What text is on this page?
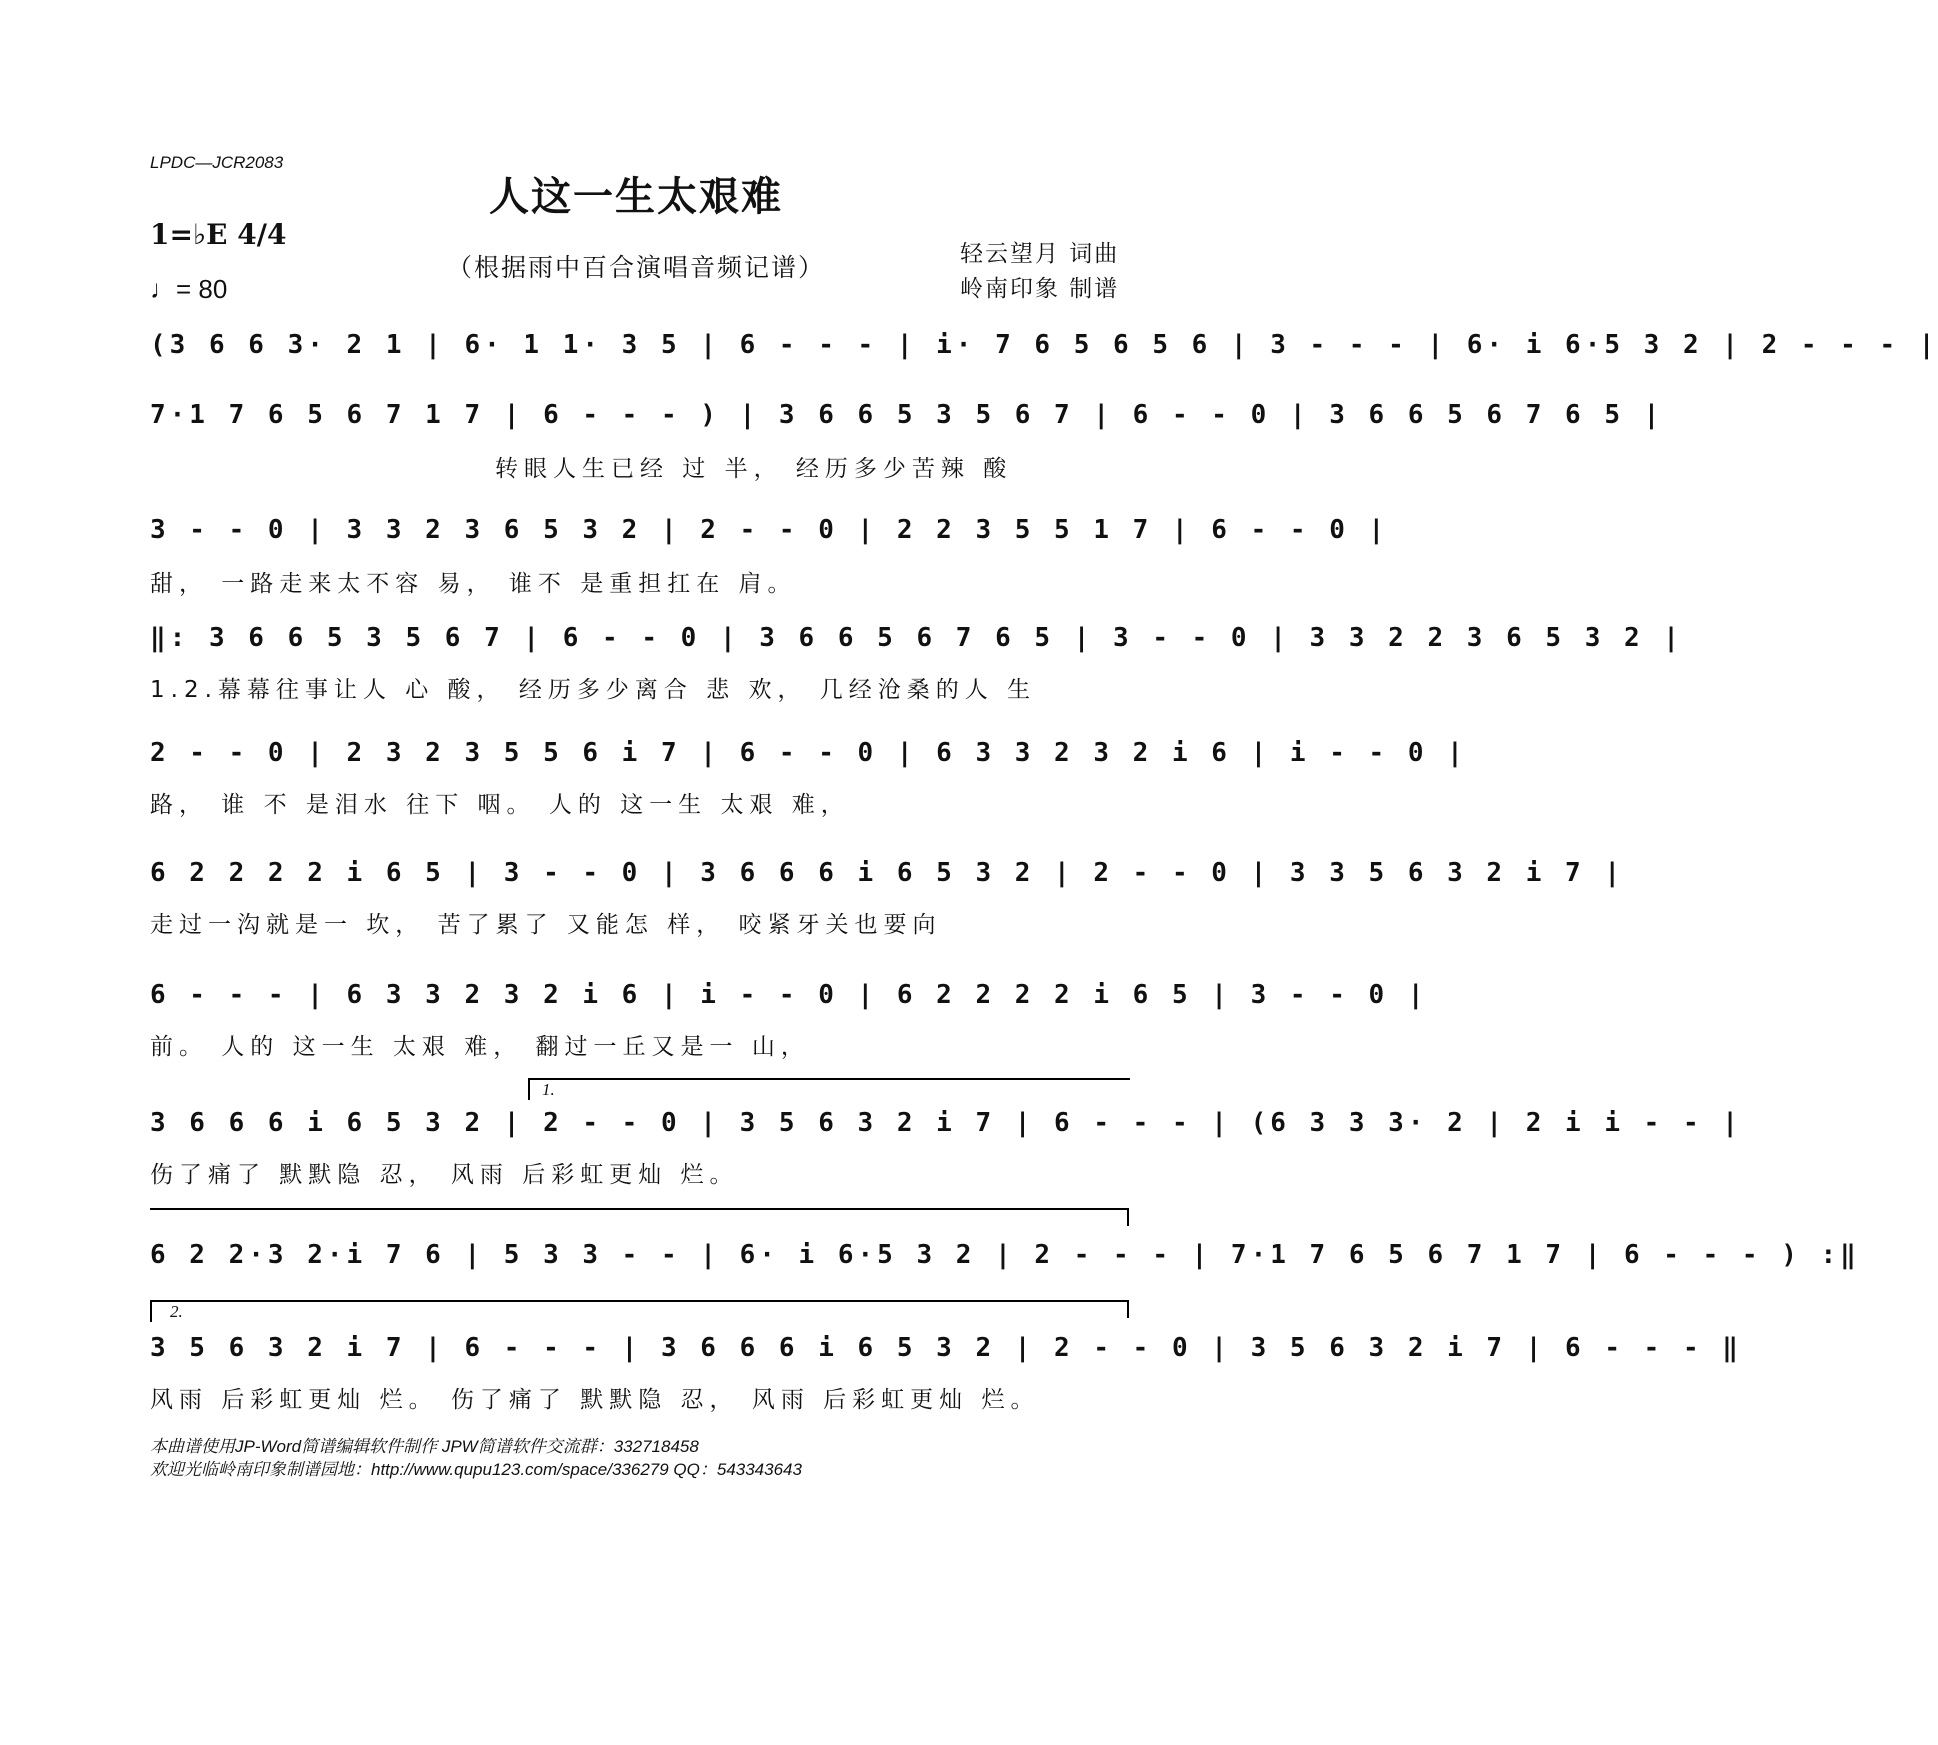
LPDC—JCR2083
人这一生太艰难
1=♭E 4/4
♩= 80
（根据雨中百合演唱音频记谱）	轻云望月 词曲
岭南印象 制谱
(3 6 6 3· 2 1 | 6· 1 1· 3 5 | 6 - - - | i· 7 6 5 6 5 6 | 3 - - - | 6· i 6·5 3 2 | 2 - - - |
7·1 7 6 5 6 7 1 7 | 6 - - - ) | 3 6 6 5 3 5 6 7 | 6 - - 0 | 3 6 6 5 6 7 6 5 |
转眼人生已经 过 半， 经历多少苦辣 酸
3 - - 0 | 3 3 2 3 6 5 3 2 | 2 - - 0 | 2 2 3 5 5 1 7 | 6 - - 0 |
甜， 一路走来太不容 易， 谁不 是重担扛在 肩。
‖: 3 6 6 5 3 5 6 7 | 6 - - 0 | 3 6 6 5 6 7 6 5 | 3 - - 0 | 3 3 2 2 3 6 5 3 2 |
1.2.幕幕往事让人 心 酸， 经历多少离合 悲 欢， 几经沧桑的人 生
2 - - 0 | 2 3 2 3 5 5 6 i 7 | 6 - - 0 | 6 3 3 2 3 2 i 6 | i - - 0 |
路， 谁 不 是泪水 往下 咽。 人的 这一生 太艰 难，
6 2 2 2 2 i 6 5 | 3 - - 0 | 3 6 6 6 i 6 5 3 2 | 2 - - 0 | 3 3 5 6 3 2 i 7 |
走过一沟就是一 坎， 苦了累了 又能怎 样， 咬紧牙关也要向
6 - - - | 6 3 3 2 3 2 i 6 | i - - 0 | 6 2 2 2 2 i 6 5 | 3 - - 0 |
前。 人的 这一生 太艰 难， 翻过一丘又是一 山，
1.
3 6 6 6 i 6 5 3 2 | 2 - - 0 | 3 5 6 3 2 i 7 | 6 - - - | (6 3 3 3· 2 | 2 i i - - |
伤了痛了 默默隐 忍， 风雨 后彩虹更灿 烂。
6 2 2·3 2·i 7 6 | 5 3 3 - - | 6· i 6·5 3 2 | 2 - - - | 7·1 7 6 5 6 7 1 7 | 6 - - - ) :‖
2.
3 5 6 3 2 i 7 | 6 - - - | 3 6 6 6 i 6 5 3 2 | 2 - - 0 | 3 5 6 3 2 i 7 | 6 - - - ‖
风雨 后彩虹更灿 烂。 伤了痛了 默默隐 忍， 风雨 后彩虹更灿 烂。
本曲谱使用JP-Word简谱编辑软件制作 JPW简谱软件交流群：332718458
欢迎光临岭南印象制谱园地：http://www.qupu123.com/space/336279 QQ：543343643
